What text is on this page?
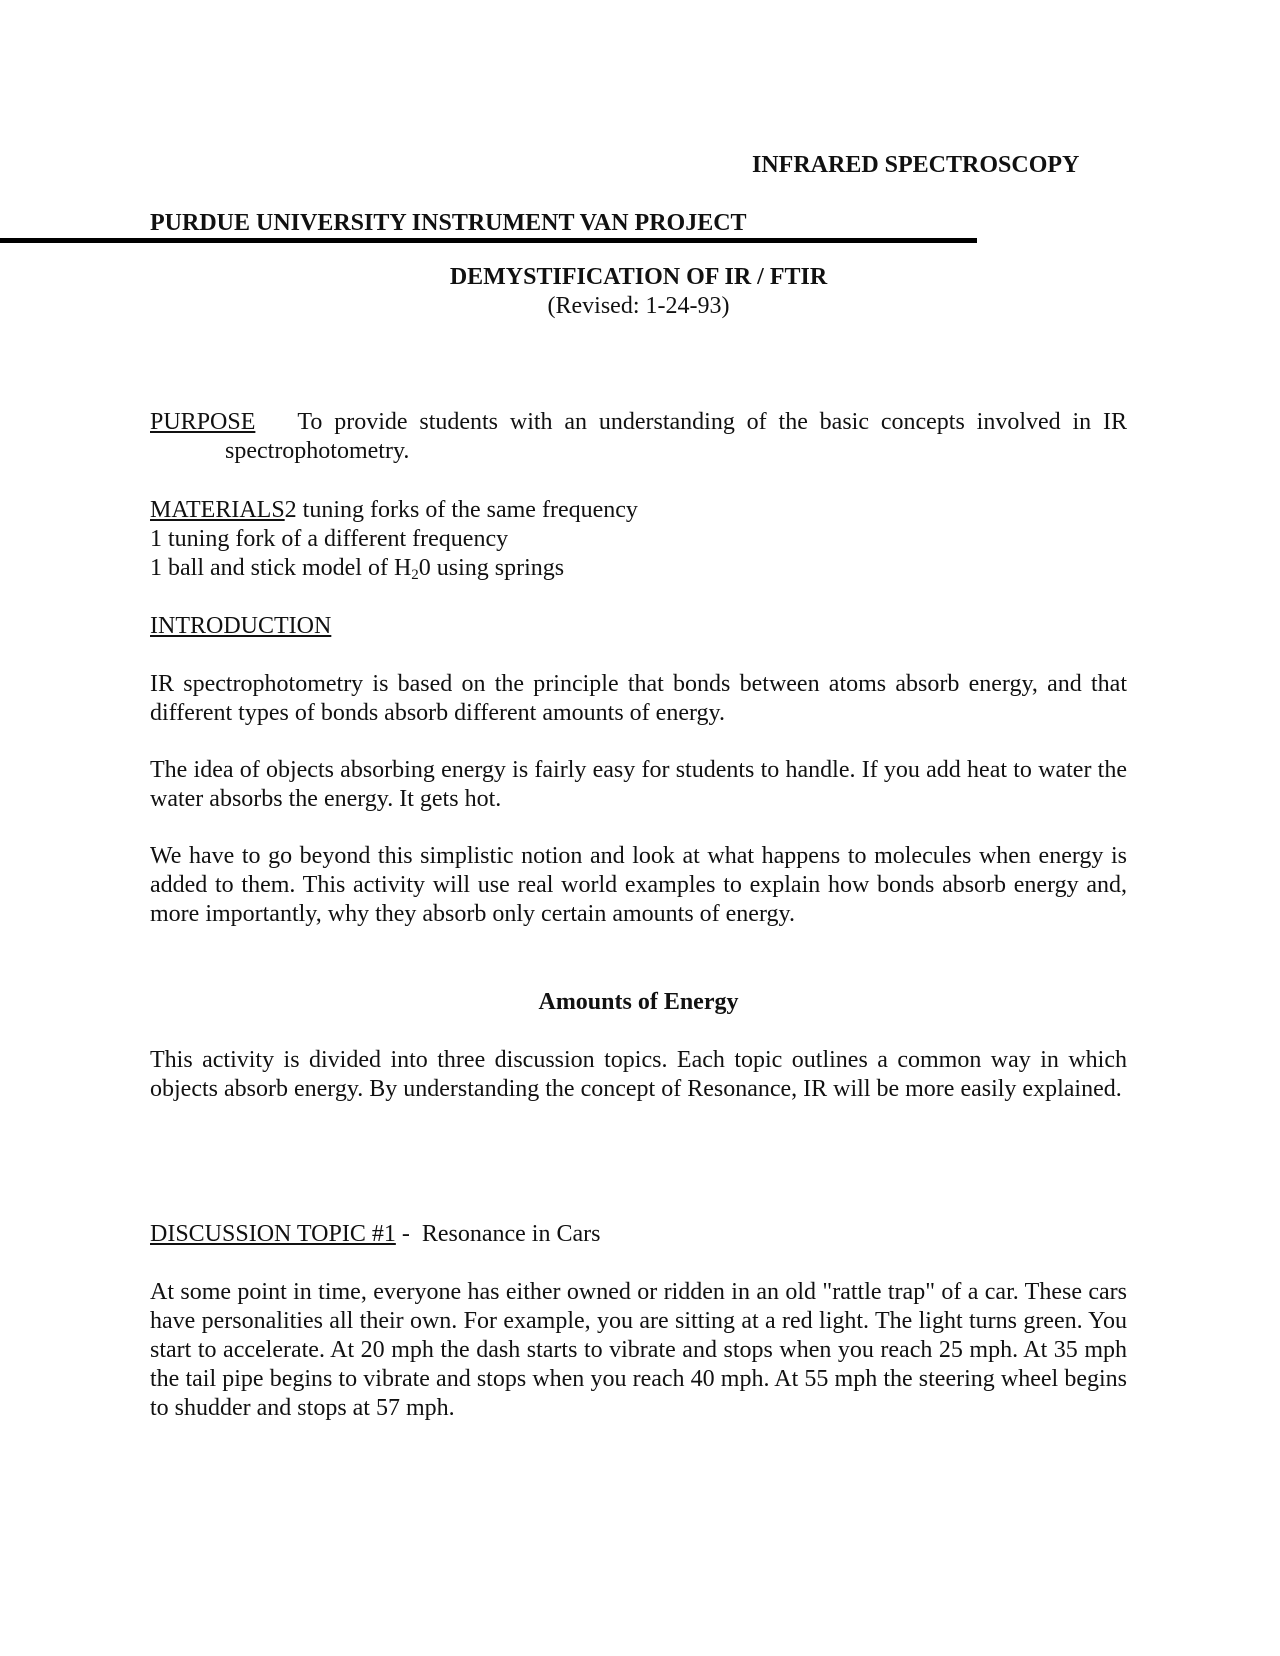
INFRARED SPECTROSCOPY
PURDUE UNIVERSITY INSTRUMENT VAN PROJECT
DEMYSTIFICATION OF IR / FTIR
(Revised: 1-24-93)
PURPOSE	To provide students with an understanding of the basic concepts involved in IR
spectrophotometry.
MATERIALS2 tuning forks of the same frequency
1 tuning fork of a different frequency
1 ball and stick model of $H_20$ using springs
INTRODUCTION
IR spectrophotometry is based on the principle that bonds between atoms absorb energy, and that different types of bonds absorb different amounts of energy.
The idea of objects absorbing energy is fairly easy for students to handle. If you add heat to water the water absorbs the energy. It gets hot.
We have to go beyond this simplistic notion and look at what happens to molecules when energy is added to them. This activity will use real world examples to explain how bonds absorb energy and, more importantly, why they absorb only certain amounts of energy.
Amounts of Energy
This activity is divided into three discussion topics. Each topic outlines a common way in which objects absorb energy. By understanding the concept of Resonance, IR will be more easily explained.
DISCUSSION TOPIC #1 -  Resonance in Cars
At some point in time, everyone has either owned or ridden in an old "rattle trap" of a car. These cars have personalities all their own. For example, you are sitting at a red light. The light turns green. You start to accelerate. At 20 mph the dash starts to vibrate and stops when you reach 25 mph. At 35 mph the tail pipe begins to vibrate and stops when you reach 40 mph. At 55 mph the steering wheel begins to shudder and stops at 57 mph.
